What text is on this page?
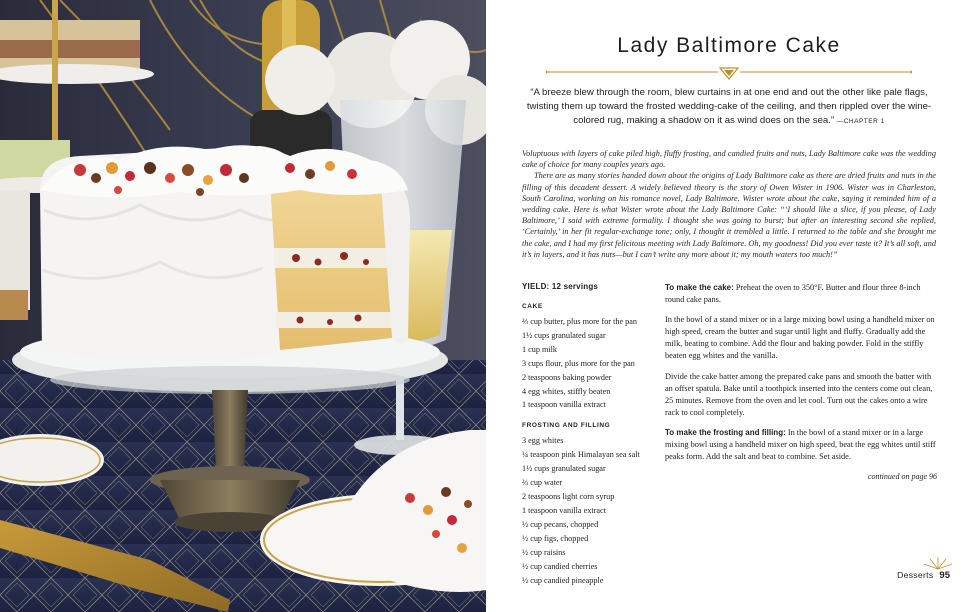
Lady Baltimore Cake
“A breeze blew through the room, blew curtains in at one end and out the other like pale flags, twisting them up toward the frosted wedding-cake of the ceiling, and then rippled over the wine-colored rug, making a shadow on it as wind does on the sea.” —CHAPTER 1

Voluptuous with layers of cake piled high, fluffy frosting, and candied fruits and nuts, Lady Baltimore cake was the wedding cake of choice for many couples years ago.

There are as many stories handed down about the origins of Lady Baltimore cake as there are dried fruits and nuts in the filling of this decadent dessert. A widely believed theory is the story of Owen Wister in 1906. Wister was in Charleston, South Carolina, working on his romance novel, Lady Baltimore. Wister wrote about the cake, saying it reminded him of a wedding cake. Here is what Wister wrote about the Lady Baltimore Cake: “‘I should like a slice, if you please, of Lady Baltimore,’ I said with extreme formality. I thought she was going to burst; but after an interesting second she replied, ‘Certainly,’ in her fit regular-exchange tone; only, I thought it trembled a little. I returned to the table and she brought me the cake, and I had my first felicitous meeting with Lady Baltimore. Oh, my goodness! Did you ever taste it? It’s all soft, and it’s in layers, and it has nuts—but I can’t write any more about it; my mouth waters too much!”

YIELD: 12 servings
CAKE
⅔ cup butter, plus more for the pan
1½ cups granulated sugar
1 cup milk
3 cups flour, plus more for the pan
2 teaspoons baking powder
4 egg whites, stiffly beaten
1 teaspoon vanilla extract
FROSTING AND FILLING
3 egg whites
¼ teaspoon pink Himalayan sea salt
1½ cups granulated sugar
⅔ cup water
2 teaspoons light corn syrup
1 teaspoon vanilla extract
½ cup pecans, chopped
½ cup figs, chopped
½ cup raisins
½ cup candied cherries
½ cup candied pineapple

To make the cake: Preheat the oven to 350°F. Butter and flour three 8-inch round cake pans.

In the bowl of a stand mixer or in a large mixing bowl using a handheld mixer on high speed, cream the butter and sugar until light and fluffy. Gradually add the milk, beating to combine. Add the flour and baking powder. Fold in the stiffly beaten egg whites and the vanilla.

Divide the cake batter among the prepared cake pans and smooth the batter with an offset spatula. Bake until a toothpick inserted into the centers come out clean, 25 minutes. Remove from the oven and let cool. Turn out the cakes onto a wire rack to cool completely.

To make the frosting and filling: In the bowl of a stand mixer or in a large mixing bowl using a handheld mixer on high speed, beat the egg whites until stiff peaks form. Add the salt and beat to combine. Set aside.

continued on page 96
Desserts 95
